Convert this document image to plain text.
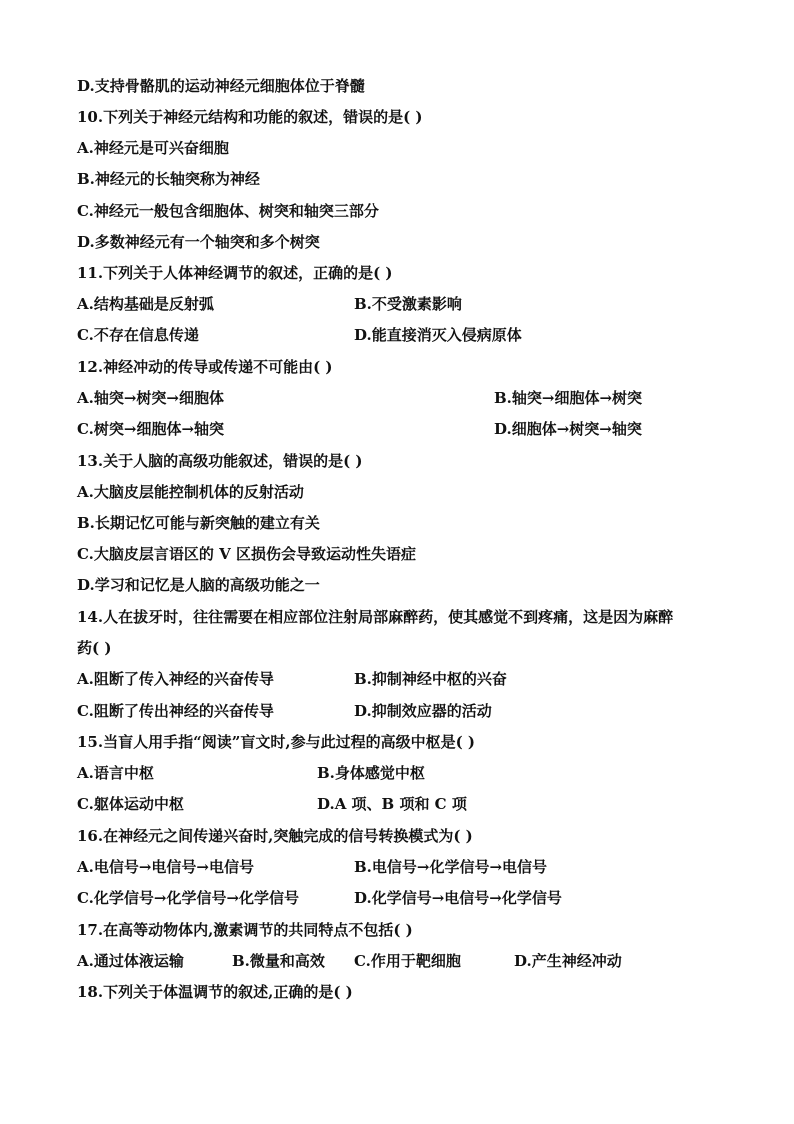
D.支持骨骼肌的运动神经元细胞体位于脊髓
10.下列关于神经元结构和功能的叙述，错误的是( )
A.神经元是可兴奋细胞
B.神经元的长轴突称为神经
C.神经元一般包含细胞体、树突和轴突三部分
D.多数神经元有一个轴突和多个树突
11.下列关于人体神经调节的叙述，正确的是( )
A.结构基础是反射弧	B.不受激素影响
C.不存在信息传递	D.能直接消灭入侵病原体
12.神经冲动的传导或传递不可能由( )
A.轴突→树突→细胞体	B.轴突→细胞体→树突
C.树突→细胞体→轴突	D.细胞体→树突→轴突
13.关于人脑的高级功能叙述，错误的是( )
A.大脑皮层能控制机体的反射活动
B.长期记忆可能与新突触的建立有关
C.大脑皮层言语区的 V 区损伤会导致运动性失语症
D.学习和记忆是人脑的高级功能之一
14.人在拔牙时，往往需要在相应部位注射局部麻醉药，使其感觉不到疼痛，这是因为麻醉
药( )
A.阻断了传入神经的兴奋传导	B.抑制神经中枢的兴奋
C.阻断了传出神经的兴奋传导	D.抑制效应器的活动
15.当盲人用手指“阅读”盲文时,参与此过程的高级中枢是( )
A.语言中枢	B.身体感觉中枢
C.躯体运动中枢	D.A 项、B 项和 C 项
16.在神经元之间传递兴奋时,突触完成的信号转换模式为( )
A.电信号→电信号→电信号	B.电信号→化学信号→电信号
C.化学信号→化学信号→化学信号	D.化学信号→电信号→化学信号
17.在高等动物体内,激素调节的共同特点不包括( )
A.通过体液运输	B.微量和高效 C.作用于靶细胞	D.产生神经冲动
18.下列关于体温调节的叙述,正确的是( )
